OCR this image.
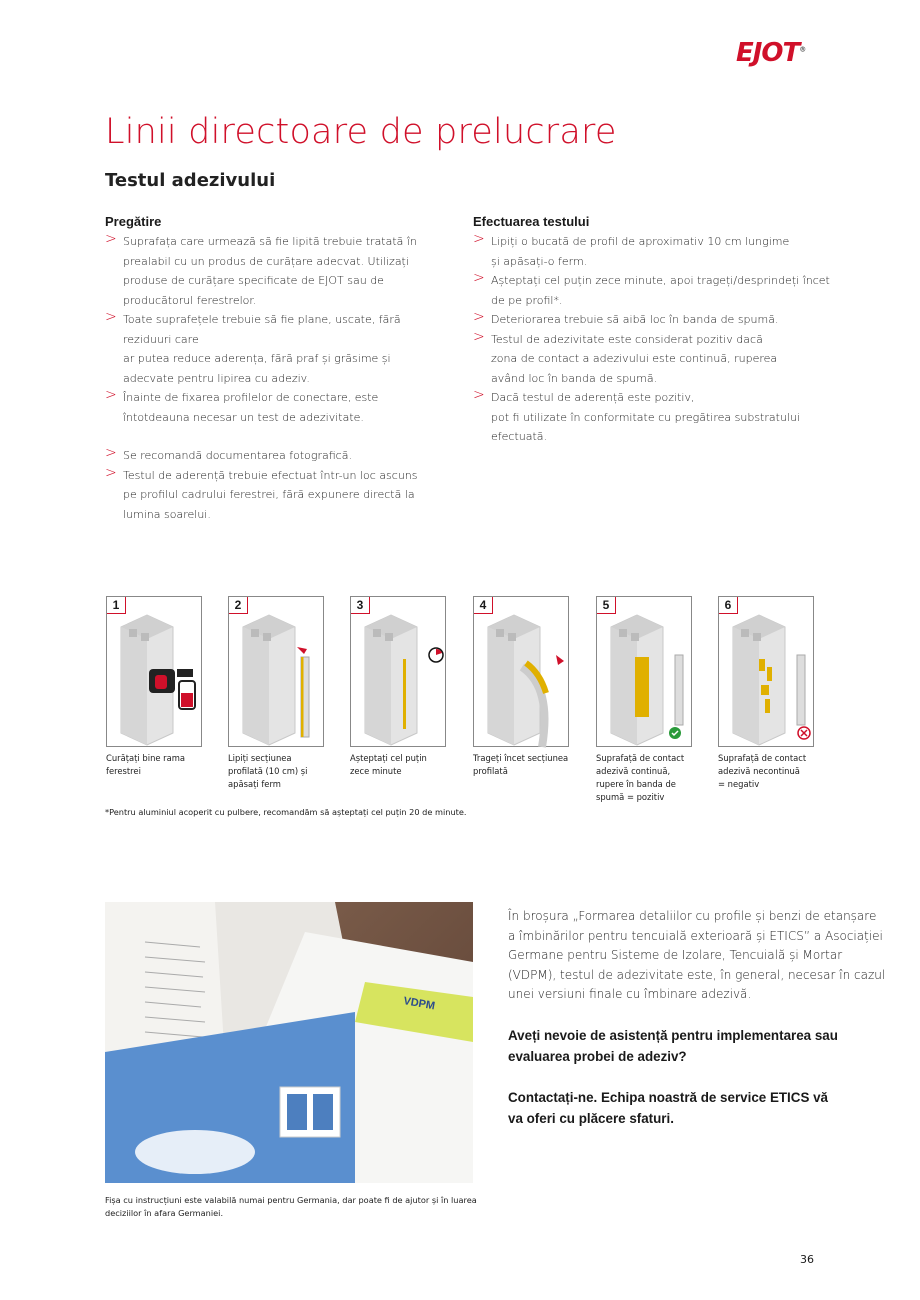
EJOT®
Linii directoare de prelucrare
Testul adezivului
Pregătire
> Suprafața care urmează să fie lipită trebuie tratată în
prealabil cu un produs de curățare adecvat. Utilizați
produse de curățare specificate de EJOT sau de
producătorul ferestrelor.
> Toate suprafețele trebuie să fie plane, uscate, fără
reziduuri care
ar putea reduce aderența, fără praf și grăsime și
adecvate pentru lipirea cu adeziv.
> Înainte de fixarea profilelor de conectare, este
întotdeauna necesar un test de adezivitate.
> Se recomandă documentarea fotografică.
> Testul de aderență trebuie efectuat într-un loc ascuns
pe profilul cadrului ferestrei, fără expunere directă la
lumina soarelui.
Efectuarea testului
> Lipiți o bucată de profil de aproximativ 10 cm lungime
și apăsați-o ferm.
> Așteptați cel puțin zece minute, apoi trageți/desprindeți încet
de pe profil*.
> Deteriorarea trebuie să aibă loc în banda de spumă.
> Testul de adezivitate este considerat pozitiv dacă
zona de contact a adezivului este continuă, ruperea
având loc în banda de spumă.
> Dacă testul de aderență este pozitiv,
pot fi utilizate în conformitate cu pregătirea substratului
efectuată.
1
Curățați bine rama
ferestrei
2
Lipiți secțiunea
profilată (10 cm) și
apăsați ferm
3
Așteptați cel puțin
zece minute
4
Trageți încet secțiunea
profilată
5
Suprafață de contact
adezivă continuă,
rupere în banda de
spumă = pozitiv
6
Suprafață de contact
adezivă necontinuă
= negativ
*Pentru aluminiul acoperit cu pulbere, recomandăm să așteptați cel puțin 20 de minute.
VDPM
În broșura „Formarea detaliilor cu profile și benzi de etanșare
a îmbinărilor pentru tencuială exterioară și ETICS” a Asociației
Germane pentru Sisteme de Izolare, Tencuială și Mortar
(VDPM), testul de adezivitate este, în general, necesar în cazul
unei versiuni finale cu îmbinare adezivă.
Aveți nevoie de asistență pentru implementarea sau
evaluarea probei de adeziv?
Contactați-ne. Echipa noastră de service ETICS vă
va oferi cu plăcere sfaturi.
Fișa cu instrucțiuni este valabilă numai pentru Germania, dar poate fi de ajutor și în luarea
deciziilor în afara Germaniei.
36
